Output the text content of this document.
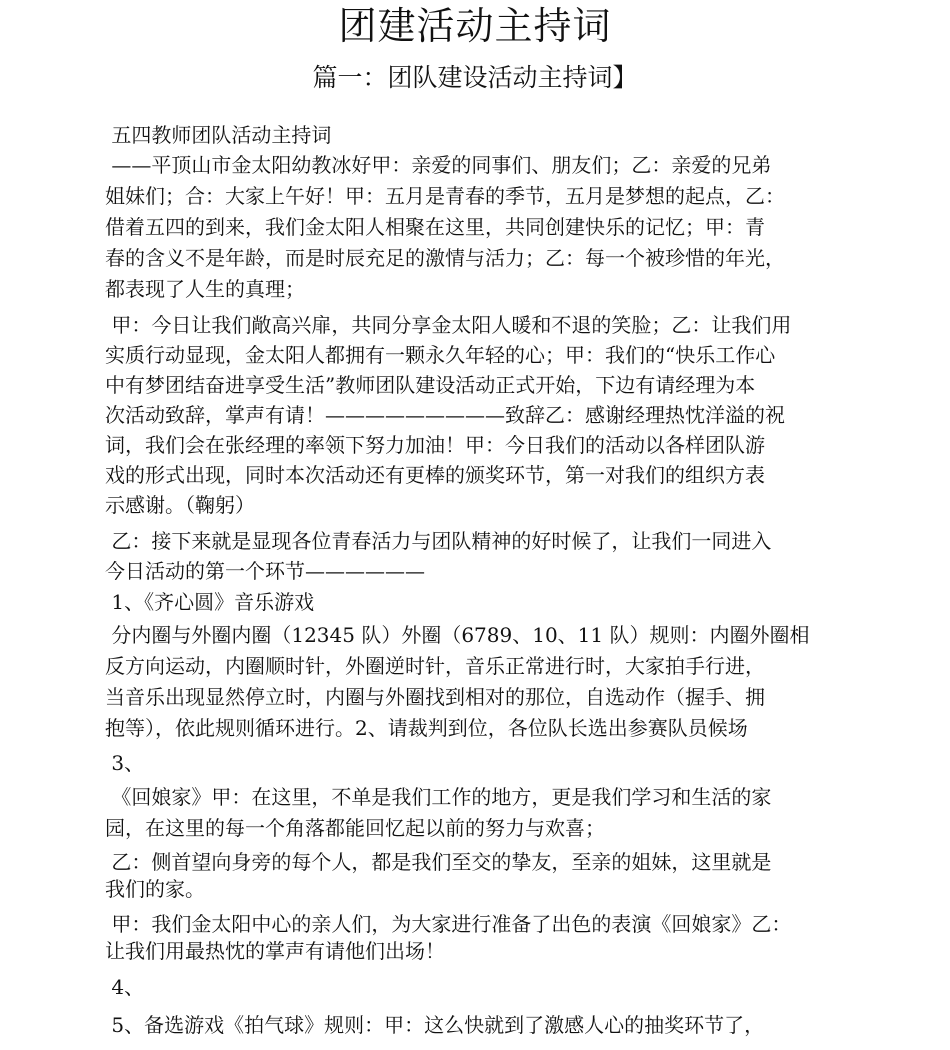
团建活动主持词
篇一：团队建设活动主持词】
五四教师团队活动主持词
——平顶山市金太阳幼教冰好甲：亲爱的同事们、朋友们；乙：亲爱的兄弟
姐妹们；合：大家上午好！甲：五月是青春的季节，五月是梦想的起点，乙：
借着五四的到来，我们金太阳人相聚在这里，共同创建快乐的记忆；甲：青
春的含义不是年龄，而是时辰充足的激情与活力；乙：每一个被珍惜的年光，
都表现了人生的真理；
甲：今日让我们敞高兴扉，共同分享金太阳人暖和不退的笑脸；乙：让我们用
实质行动显现，金太阳人都拥有一颗永久年轻的心；甲：我们的“快乐工作心
中有梦团结奋进享受生活”教师团队建设活动正式开始，下边有请经理为本
次活动致辞，掌声有请！—————————致辞乙：感谢经理热忱洋溢的祝
词，我们会在张经理的率领下努力加油！甲：今日我们的活动以各样团队游
戏的形式出现，同时本次活动还有更棒的颁奖环节，第一对我们的组织方表
示感谢。（鞠躬）
乙：接下来就是显现各位青春活力与团队精神的好时候了，让我们一同进入
今日活动的第一个环节——————
1、《齐心圆》音乐游戏
分内圈与外圈内圈（12345 队）外圈（6789、10、11 队）规则：内圈外圈相
反方向运动，内圈顺时针，外圈逆时针，音乐正常进行时，大家拍手行进，
当音乐出现显然停立时，内圈与外圈找到相对的那位，自选动作（握手、拥
抱等），依此规则循环进行。2、请裁判到位，各位队长选出参赛队员候场
3、
《回娘家》甲：在这里，不单是我们工作的地方，更是我们学习和生活的家
园，在这里的每一个角落都能回忆起以前的努力与欢喜；
乙：侧首望向身旁的每个人，都是我们至交的挚友，至亲的姐妹，这里就是
我们的家。
甲：我们金太阳中心的亲人们，为大家进行准备了出色的表演《回娘家》乙：
让我们用最热忱的掌声有请他们出场！
4、
5、备选游戏《拍气球》规则：甲：这么快就到了激感人心的抽奖环节了，
